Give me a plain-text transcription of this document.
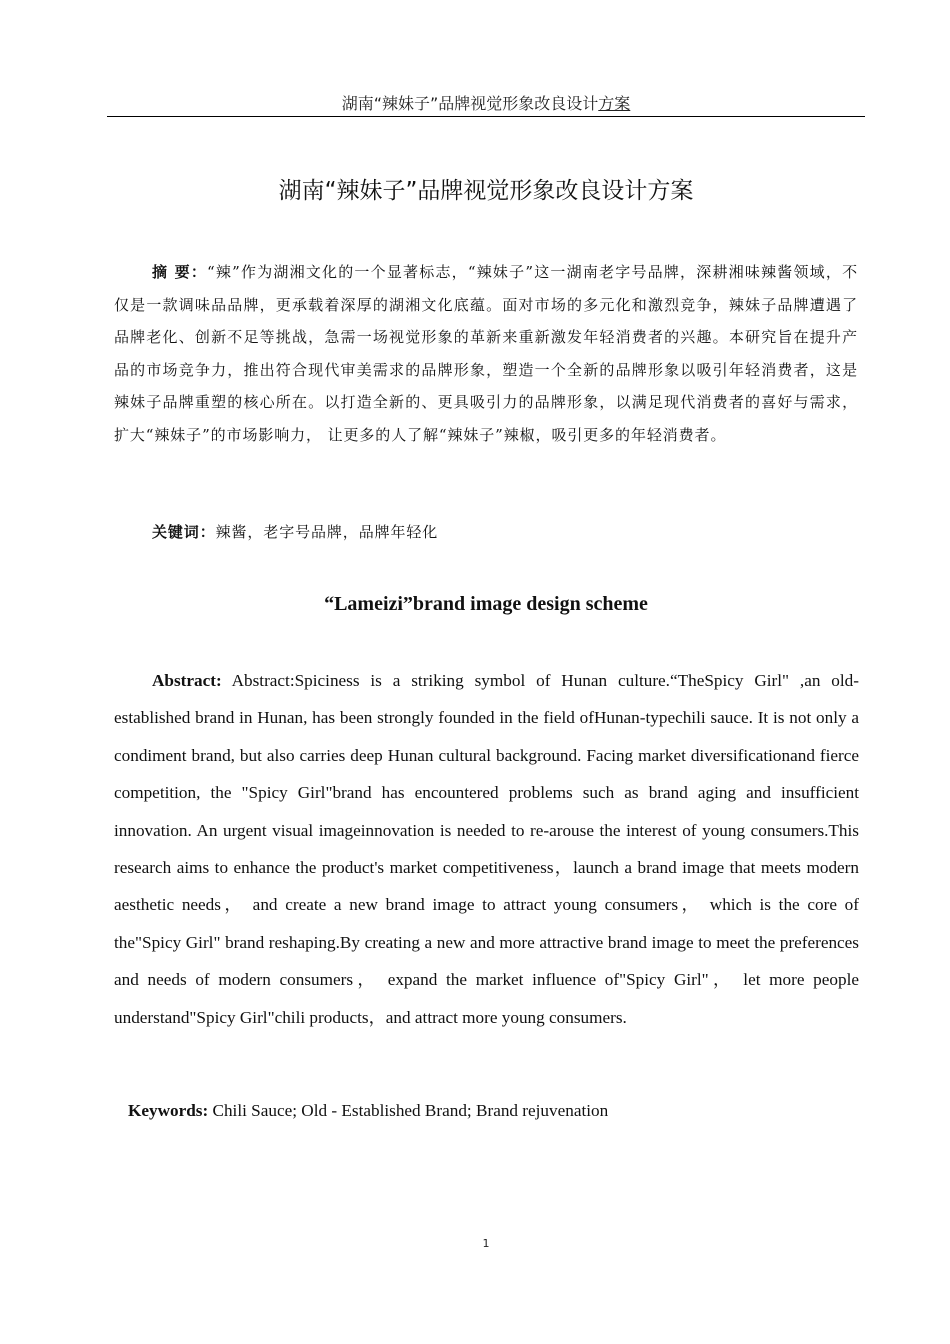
湖南“辣妹子”品牌视觉形象改良设计方案
湖南“辣妹子”品牌视觉形象改良设计方案

摘 要：“辣”作为湖湘文化的一个显著标志，“辣妹子”这一湖南老字号品牌，深耕湘味辣酱领域，不仅是一款调味品品牌，更承载着深厚的湖湘文化底蕴。面对市场的多元化和激烈竞争，辣妹子品牌遭遇了品牌老化、创新不足等挑战，急需一场视觉形象的革新来重新激发年轻消费者的兴趣。本研究旨在提升产品的市场竞争力，推出符合现代审美需求的品牌形象，塑造一个全新的品牌形象以吸引年轻消费者，这是辣妹子品牌重塑的核心所在。以打造全新的、更具吸引力的品牌形象，以满足现代消费者的喜好与需求，扩大“辣妹子”的市场影响力， 让更多的人了解“辣妹子”辣椒，吸引更多的年轻消费者。

关键词：辣酱，老字号品牌，品牌年轻化

“Lameizi”brand image design scheme

Abstract: Abstract:Spiciness is a striking symbol of Hunan culture.“TheSpicy Girl" ,an old-established brand in Hunan, has been strongly founded in the field ofHunan-typechili sauce. It is not only a condiment brand, but also carries deep Hunan cultural background. Facing market diversificationand fierce competition, the "Spicy Girl"brand has encountered problems such as brand aging and insufficient innovation. An urgent visual imageinnovation is needed to re-arouse the interest of young consumers.This research aims to enhance the product's market competitiveness，launch a brand image that meets modern aesthetic needs， and create a new brand image to attract young consumers， which is the core of the"Spicy Girl" brand reshaping.By creating a new and more attractive brand image to meet the preferences and needs of modern consumers， expand the market influence of"Spicy Girl"， let more people understand"Spicy Girl"chili products，and attract more young consumers.

Keywords: Chili Sauce; Old - Established Brand; Brand rejuvenation

1
